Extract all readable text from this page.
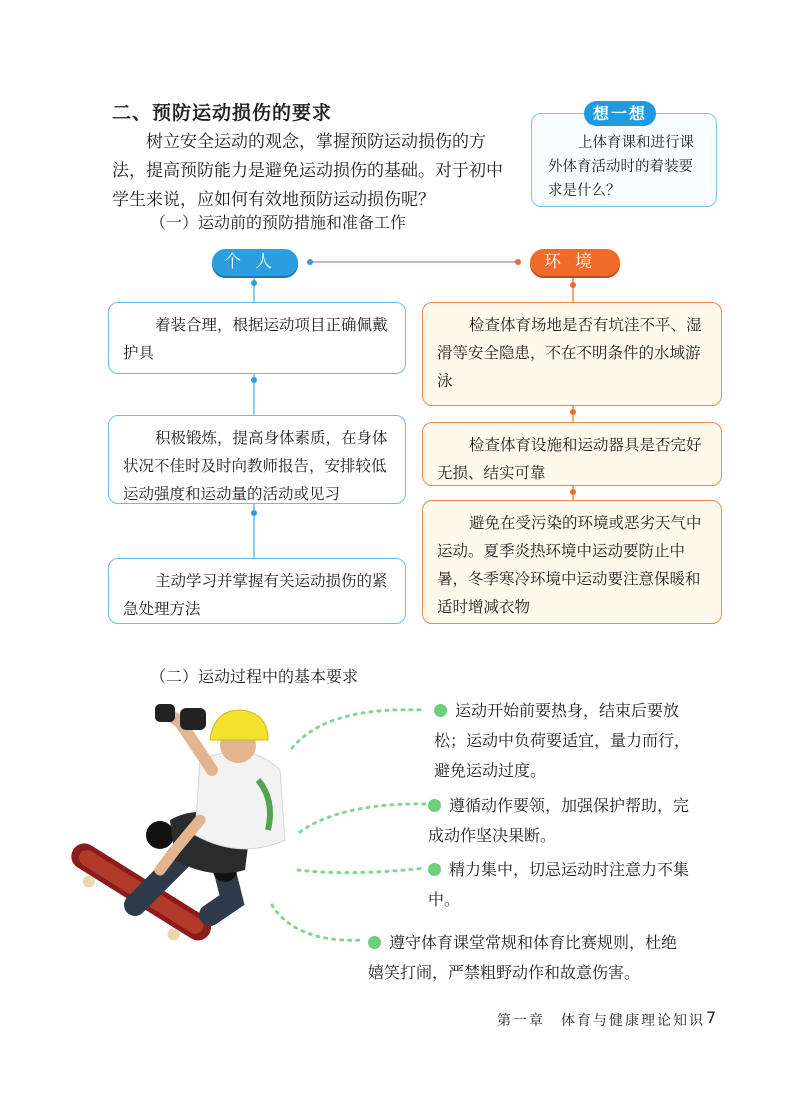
二、预防运动损伤的要求
树立安全运动的观念，掌握预防运动损伤的方法，提高预防能力是避免运动损伤的基础。对于初中学生来说，应如何有效地预防运动损伤呢？
想一想
上体育课和进行课外体育活动时的着装要求是什么？
（一）运动前的预防措施和准备工作
个人	环境
着装合理，根据运动项目正确佩戴护具
积极锻炼，提高身体素质，在身体状况不佳时及时向教师报告，安排较低运动强度和运动量的活动或见习
主动学习并掌握有关运动损伤的紧急处理方法
检查体育场地是否有坑洼不平、湿滑等安全隐患，不在不明条件的水域游泳
检查体育设施和运动器具是否完好无损、结实可靠
避免在受污染的环境或恶劣天气中运动。夏季炎热环境中运动要防止中暑，冬季寒冷环境中运动要注意保暖和适时增减衣物
（二）运动过程中的基本要求
运动开始前要热身，结束后要放松；运动中负荷要适宜，量力而行，避免运动过度。
遵循动作要领，加强保护帮助，完成动作坚决果断。
精力集中，切忌运动时注意力不集中。
遵守体育课堂常规和体育比赛规则，杜绝嬉笑打闹，严禁粗野动作和故意伤害。
第一章　体育与健康理论知识 7
